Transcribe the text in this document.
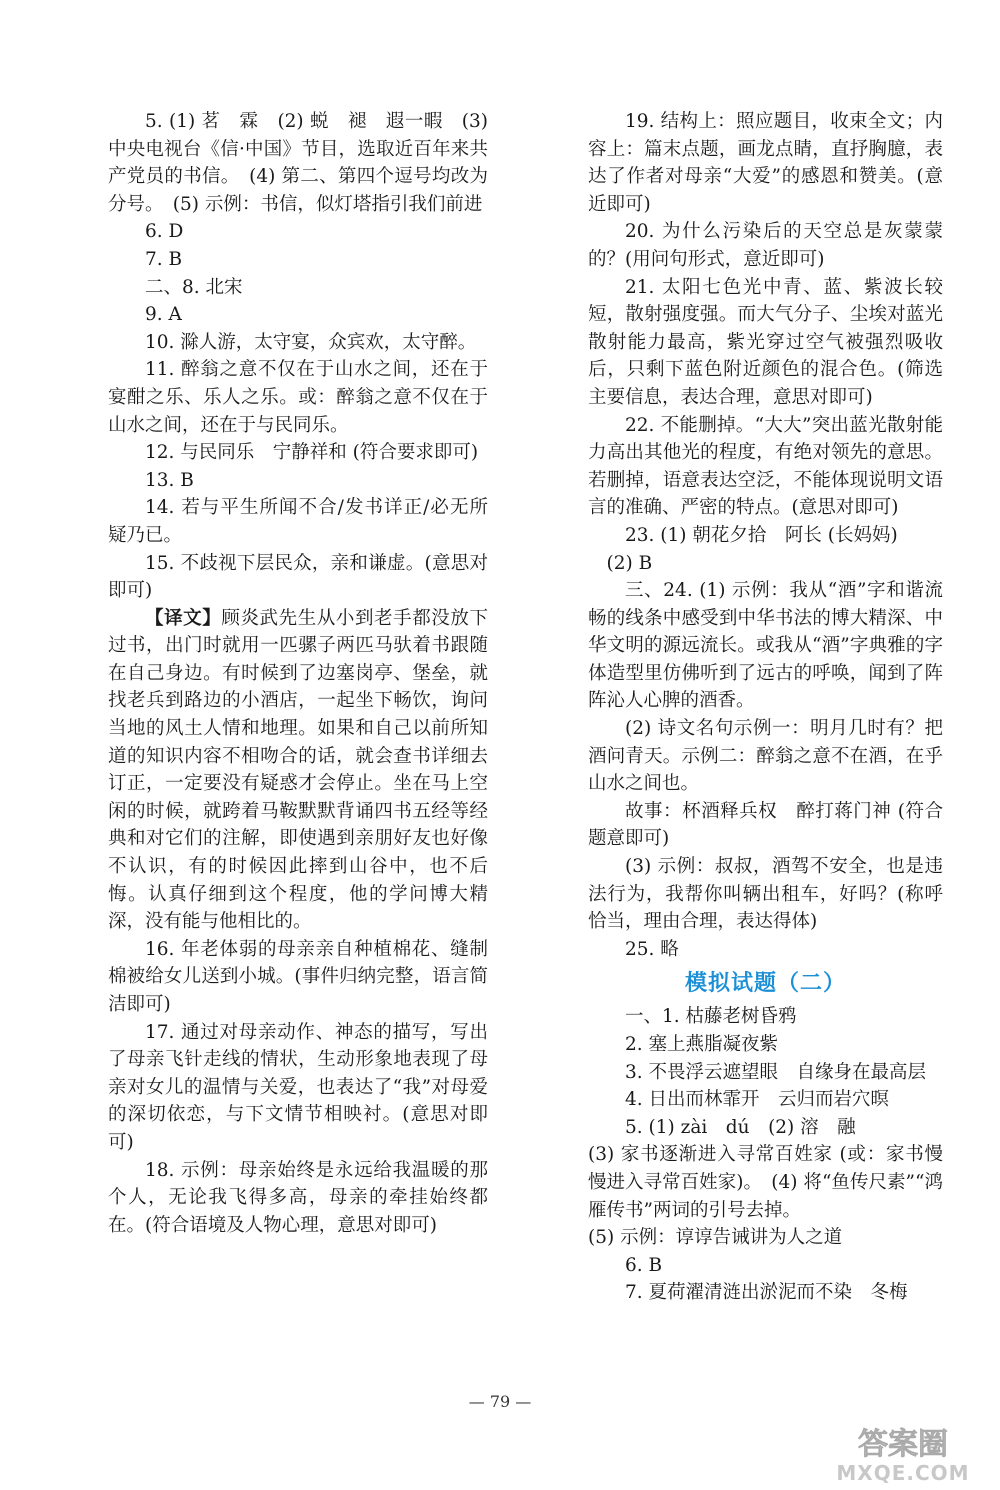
5. (1) 茗　霖　(2) 蜕　褪　遐一暇　(3) 中央电视台《信·中国》节目，选取近百年来共产党员的书信。　(4) 第二、第四个逗号均改为分号。　(5) 示例：书信，似灯塔指引我们前进

6. D

7. B

二、8. 北宋

9. A

10. 滁人游，太守宴，众宾欢，太守醉。

11. 醉翁之意不仅在于山水之间，还在于宴酣之乐、乐人之乐。或：醉翁之意不仅在于山水之间，还在于与民同乐。

12. 与民同乐　宁静祥和 (符合要求即可)

13. B

14. 若与平生所闻不合/发书详正/必无所疑乃已。

15. 不歧视下层民众，亲和谦虚。(意思对即可)

【译文】顾炎武先生从小到老手都没放下过书，出门时就用一匹骡子两匹马驮着书跟随在自己身边。有时候到了边塞岗亭、堡垒，就找老兵到路边的小酒店，一起坐下畅饮，询问当地的风土人情和地理。如果和自己以前所知道的知识内容不相吻合的话，就会查书详细去订正，一定要没有疑惑才会停止。坐在马上空闲的时候，就跨着马鞍默默背诵四书五经等经典和对它们的注解，即使遇到亲朋好友也好像不认识，有的时候因此摔到山谷中，也不后悔。认真仔细到这个程度，他的学问博大精深，没有能与他相比的。

16. 年老体弱的母亲亲自种植棉花、缝制棉被给女儿送到小城。(事件归纳完整，语言简洁即可)

17. 通过对母亲动作、神态的描写，写出了母亲飞针走线的情状，生动形象地表现了母亲对女儿的温情与关爱，也表达了“我”对母爱的深切依恋，与下文情节相映衬。(意思对即可)

18. 示例：母亲始终是永远给我温暖的那个人，无论我飞得多高，母亲的牵挂始终都在。(符合语境及人物心理，意思对即可)

19. 结构上：照应题目，收束全文；内容上：篇末点题，画龙点睛，直抒胸臆，表达了作者对母亲“大爱”的感恩和赞美。(意近即可)

20. 为什么污染后的天空总是灰蒙蒙的？(用问句形式，意近即可)

21. 太阳七色光中青、蓝、紫波长较短，散射强度强。而大气分子、尘埃对蓝光散射能力最高，紫光穿过空气被强烈吸收后，只剩下蓝色附近颜色的混合色。(筛选主要信息，表达合理，意思对即可)

22. 不能删掉。“大大”突出蓝光散射能力高出其他光的程度，有绝对领先的意思。若删掉，语意表达空泛，不能体现说明文语言的准确、严密的特点。(意思对即可)

23. (1) 朝花夕拾　阿长 (长妈妈)

(2) B

三、24. (1) 示例：我从“酒”字和谐流畅的线条中感受到中华书法的博大精深、中华文明的源远流长。或我从“酒”字典雅的字体造型里仿佛听到了远古的呼唤，闻到了阵阵沁人心脾的酒香。

(2) 诗文名句示例一：明月几时有？把酒问青天。示例二：醉翁之意不在酒，在乎山水之间也。

故事：杯酒释兵权　醉打蒋门神 (符合题意即可)

(3) 示例：叔叔，酒驾不安全，也是违法行为，我帮你叫辆出租车，好吗？(称呼恰当，理由合理，表达得体)

25. 略

模拟试题（二）

一、1. 枯藤老树昏鸦

2. 塞上燕脂凝夜紫

3. 不畏浮云遮望眼　自缘身在最高层

4. 日出而林霏开　云归而岩穴暝

5. (1) zài　dú　(2) 溶　融

(3) 家书逐渐进入寻常百姓家 (或：家书慢慢进入寻常百姓家)。　(4) 将“鱼传尺素”“鸿雁传书”两词的引号去掉。

(5) 示例：谆谆告诫讲为人之道

6. B

7. 夏荷濯清涟出淤泥而不染　冬梅

— 79 —
答案圈
MXQE.COM
